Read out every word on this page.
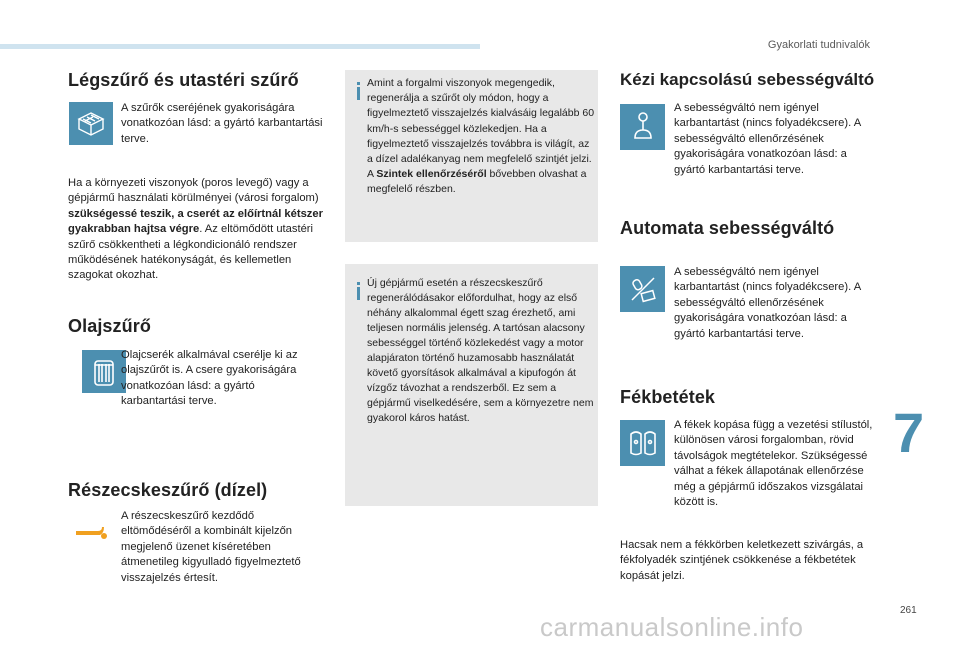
Gyakorlati tudnivalók
Légszűrő és utastéri szűrő
A szűrők cseréjének gyakoriságára vonatkozóan lásd: a gyártó karbantartási terve.
Ha a környezeti viszonyok (poros levegő) vagy a gépjármű használati körülményei (városi forgalom) szükségessé teszik, a cserét az előírtnál kétszer gyakrabban hajtsa végre. Az eltömődött utastéri szűrő csökkentheti a légkondicionáló rendszer működésének hatékonyságát, és kellemetlen szagokat okozhat.
Olajszűrő
Olajcserék alkalmával cserélje ki az olajszűrőt is. A csere gyakoriságára vonatkozóan lásd: a gyártó karbantartási terve.
Részecskeszűrő (dízel)
A részecskeszűrő kezdődő eltömődéséről a kombinált kijelzőn megjelenő üzenet kíséretében átmenetileg kigyulladó figyelmeztető visszajelzés értesít.
Amint a forgalmi viszonyok megengedik, regenerálja a szűrőt oly módon, hogy a figyelmeztető visszajelzés kialvásáig legalább 60 km/h-s sebességgel közlekedjen. Ha a figyelmeztető visszajelzés továbbra is világít, az a dízel adalékanyag nem megfelelő szintjét jelzi. A Szintek ellenőrzéséről bővebben olvashat a megfelelő részben.
Új gépjármű esetén a részecskeszűrő regenerálódásakor előfordulhat, hogy az első néhány alkalommal égett szag érezhető, ami teljesen normális jelenség. A tartósan alacsony sebességgel történő közlekedést vagy a motor alapjáraton történő huzamosabb használatát követő gyorsítások alkalmával a kipufogón át vízgőz távozhat a rendszerből. Ez sem a gépjármű viselkedésére, sem a környezetre nem gyakorol káros hatást.
Kézi kapcsolású sebességváltó
A sebességváltó nem igényel karbantartást (nincs folyadékcsere). A sebességváltó ellenőrzésének gyakoriságára vonatkozóan lásd: a gyártó karbantartási terve.
Automata sebességváltó
A sebességváltó nem igényel karbantartást (nincs folyadékcsere). A sebességváltó ellenőrzésének gyakoriságára vonatkozóan lásd: a gyártó karbantartási terve.
Fékbetétek
A fékek kopása függ a vezetési stílustól, különösen városi forgalomban, rövid távolságok megtételekor. Szükségessé válhat a fékek állapotának ellenőrzése még a gépjármű időszakos vizsgálatai között is.
Hacsak nem a fékkörben keletkezett szivárgás, a fékfolyadék szintjének csökkenése a fékbetétek kopását jelzi.
7
261
carmanualsonline.info
